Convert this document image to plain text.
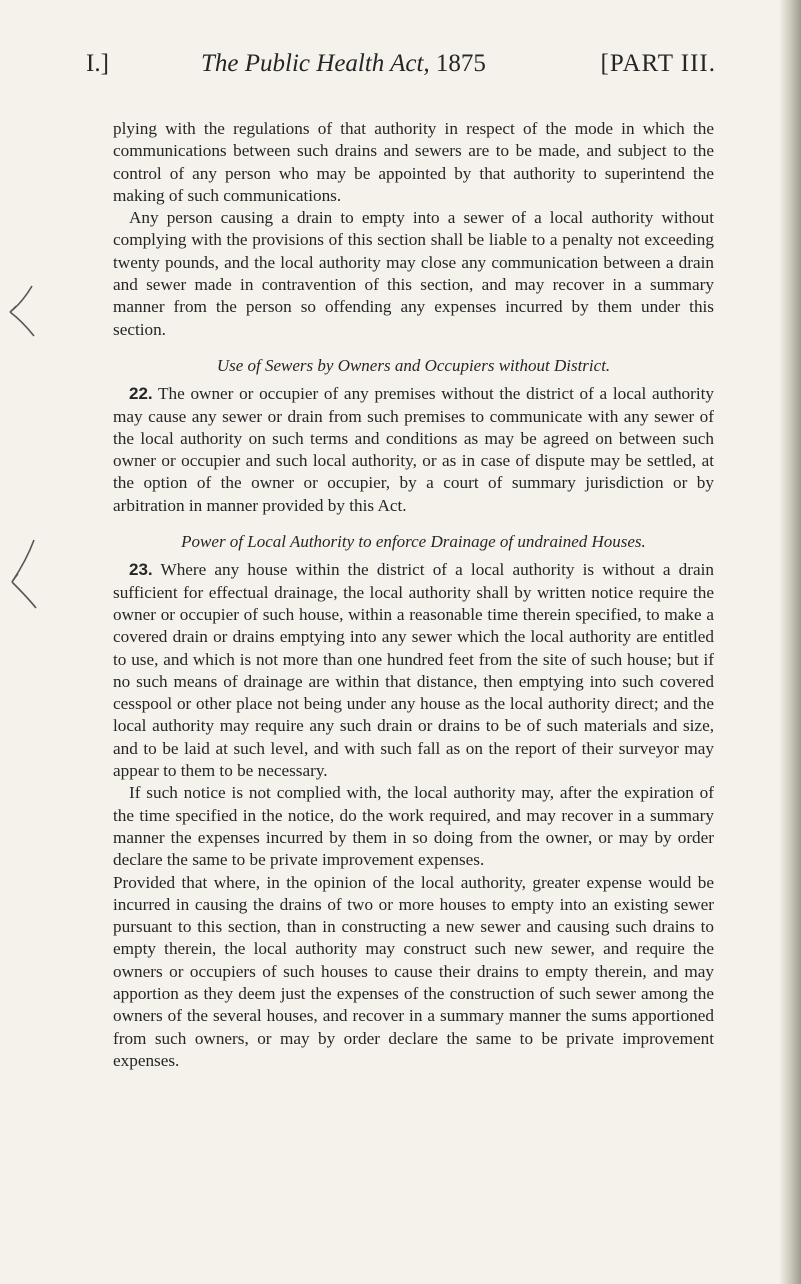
I.]	The Public Health Act, 1875	[PART III.

plying with the regulations of that authority in respect of the mode in which the communications between such drains and sewers are to be made, and subject to the control of any person who may be appointed by that authority to superintend the making of such communications.

Any person causing a drain to empty into a sewer of a local authority without complying with the provisions of this section shall be liable to a penalty not exceeding twenty pounds, and the local authority may close any communication between a drain and sewer made in contravention of this section, and may recover in a summary manner from the person so offending any expenses incurred by them under this section.

Use of Sewers by Owners and Occupiers without District.

22. The owner or occupier of any premises without the district of a local authority may cause any sewer or drain from such premises to communicate with any sewer of the local authority on such terms and conditions as may be agreed on between such owner or occupier and such local authority, or as in case of dispute may be settled, at the option of the owner or occupier, by a court of summary jurisdiction or by arbitration in manner provided by this Act.

Power of Local Authority to enforce Drainage of undrained Houses.

23. Where any house within the district of a local authority is without a drain sufficient for effectual drainage, the local authority shall by written notice require the owner or occupier of such house, within a reasonable time therein specified, to make a covered drain or drains emptying into any sewer which the local authority are entitled to use, and which is not more than one hundred feet from the site of such house; but if no such means of drainage are within that distance, then emptying into such covered cesspool or other place not being under any house as the local authority direct; and the local authority may require any such drain or drains to be of such materials and size, and to be laid at such level, and with such fall as on the report of their surveyor may appear to them to be necessary.

If such notice is not complied with, the local authority may, after the expiration of the time specified in the notice, do the work required, and may recover in a summary manner the expenses incurred by them in so doing from the owner, or may by order declare the same to be private improvement expenses.

Provided that where, in the opinion of the local authority, greater expense would be incurred in causing the drains of two or more houses to empty into an existing sewer pursuant to this section, than in constructing a new sewer and causing such drains to empty therein, the local authority may construct such new sewer, and require the owners or occupiers of such houses to cause their drains to empty therein, and may apportion as they deem just the expenses of the construction of such sewer among the owners of the several houses, and recover in a summary manner the sums apportioned from such owners, or may by order declare the same to be private improvement expenses.
